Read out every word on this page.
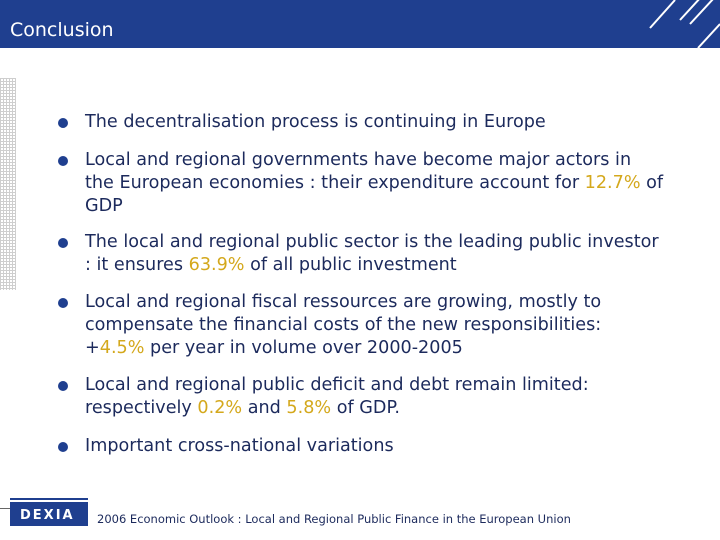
Conclusion
The decentralisation process is continuing in Europe
Local and regional governments have become major actors in the European economies : their expenditure account for 12.7% of GDP
The local and regional public sector is the leading public investor : it ensures 63.9% of all public investment
Local and regional fiscal ressources are growing, mostly to compensate the financial costs of the new responsibilities: +4.5% per year in volume over 2000-2005
Local and regional public deficit and debt remain limited: respectively 0.2% and 5.8% of GDP.
Important cross-national variations
DEXIA 2006 Economic Outlook : Local and Regional Public Finance in the European Union
